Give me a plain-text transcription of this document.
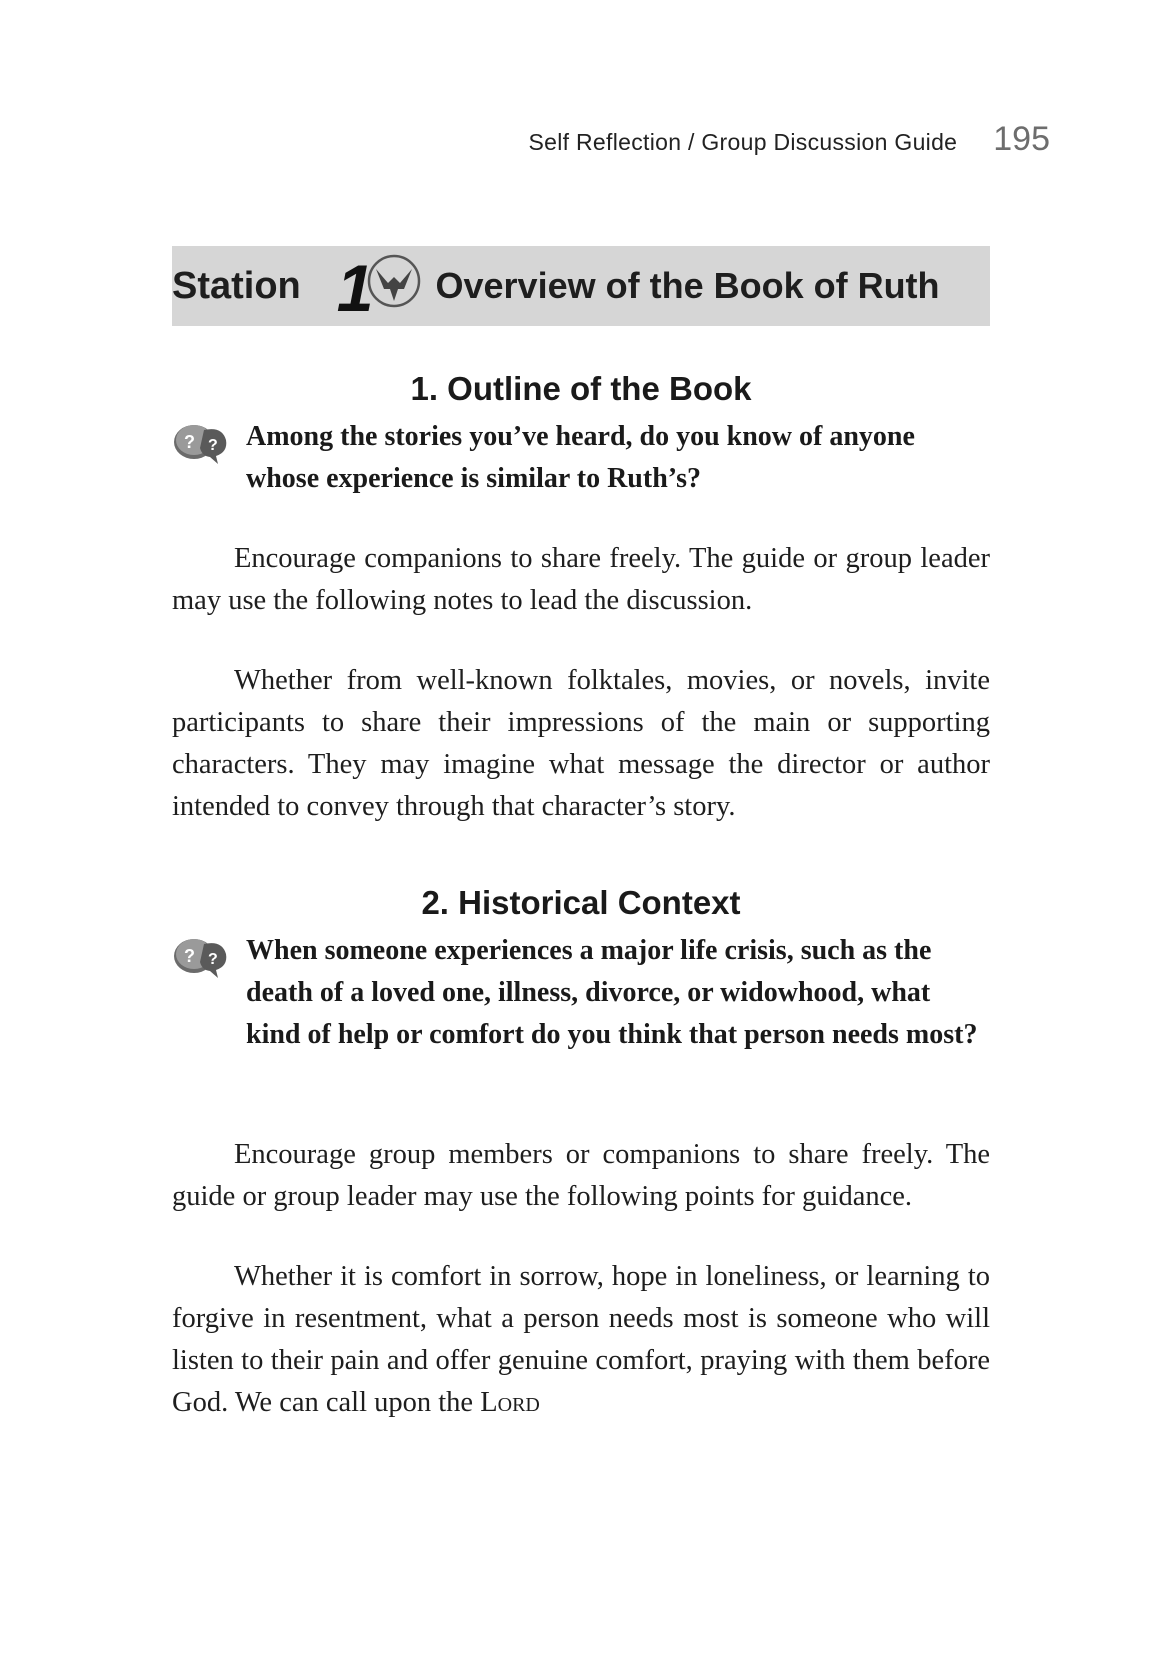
Self Reflection / Group Discussion Guide 195
Station 1 Overview of the Book of Ruth
1. Outline of the Book
? ? Among the stories you’ve heard, do you know of anyone whose experience is similar to Ruth’s?

Encourage companions to share freely. The guide or group leader may use the following notes to lead the discussion.

Whether from well-known folktales, movies, or novels, invite participants to share their impressions of the main or supporting characters. They may imagine what message the director or author intended to convey through that character’s story.

2. Historical Context
? ? When someone experiences a major life crisis, such as the death of a loved one, illness, divorce, or widowhood, what kind of help or comfort do you think that person needs most?

Encourage group members or companions to share freely. The guide or group leader may use the following points for guidance.

Whether it is comfort in sorrow, hope in loneliness, or learning to forgive in resentment, what a person needs most is someone who will listen to their pain and offer genuine comfort, praying with them before God. We can call upon the Lord
